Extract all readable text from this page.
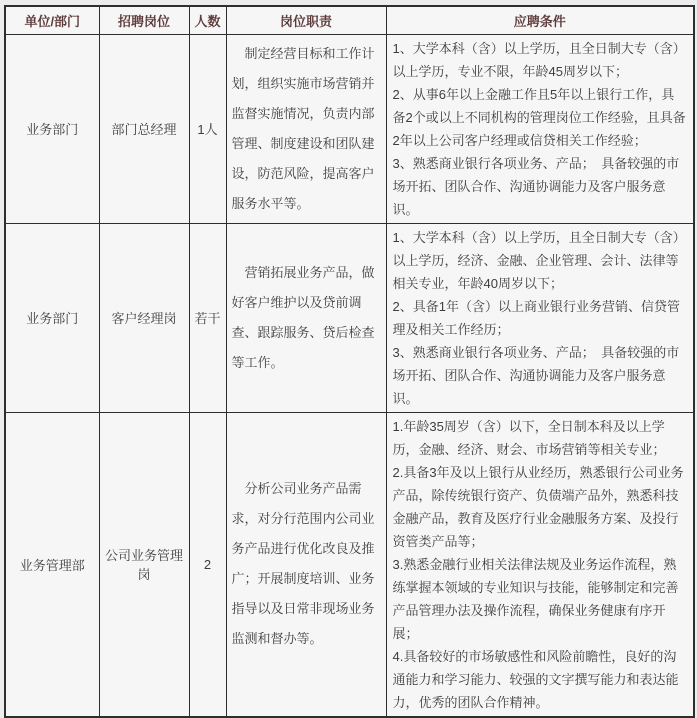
单位/部门	招聘岗位	人数	岗位职责	应聘条件
业务部门	部门总经理	1人	制定经营目标和工作计划，组织实施市场营销并监督实施情况，负责内部管理、制度建设和团队建设，防范风险，提高客户服务水平等。	1、大学本科（含）以上学历，且全日制大专（含）以上学历，专业不限，年龄45周岁以下；

2、从事6年以上金融工作且5年以上银行工作，具备2个或以上不同机构的管理岗位工作经验，且具备2年以上公司客户经理或信贷相关工作经验；

3、熟悉商业银行各项业务、产品；　具备较强的市场开拓、团队合作、沟通协调能力及客户服务意识。

业务部门	客户经理岗	若干	营销拓展业务产品，做好客户维护以及贷前调查、跟踪服务、贷后检查等工作。	1、大学本科（含）以上学历，且全日制大专（含）以上学历，经济、金融、企业管理、会计、法律等相关专业，年龄40周岁以下；

2、具备1年（含）以上商业银行业务营销、信贷管理及相关工作经历；

3、熟悉商业银行各项业务、产品；　具备较强的市场开拓、团队合作、沟通协调能力及客户服务意识。

业务管理部	公司业务管理岗	2	分析公司业务产品需求，对分行范围内公司业务产品进行优化改良及推广；开展制度培训、业务指导以及日常非现场业务监测和督办等。	1.年龄35周岁（含）以下，全日制本科及以上学历，金融、经济、财会、市场营销等相关专业；

2.具备3年及以上银行从业经历，熟悉银行公司业务产品，除传统银行资产、负债端产品外，熟悉科技金融产品，教育及医疗行业金融服务方案、及投行资管类产品等；

3.熟悉金融行业相关法律法规及业务运作流程，熟练掌握本领域的专业知识与技能，能够制定和完善产品管理办法及操作流程，确保业务健康有序开展；

4.具备较好的市场敏感性和风险前瞻性，良好的沟通能力和学习能力、较强的文字撰写能力和表达能力，优秀的团队合作精神。
